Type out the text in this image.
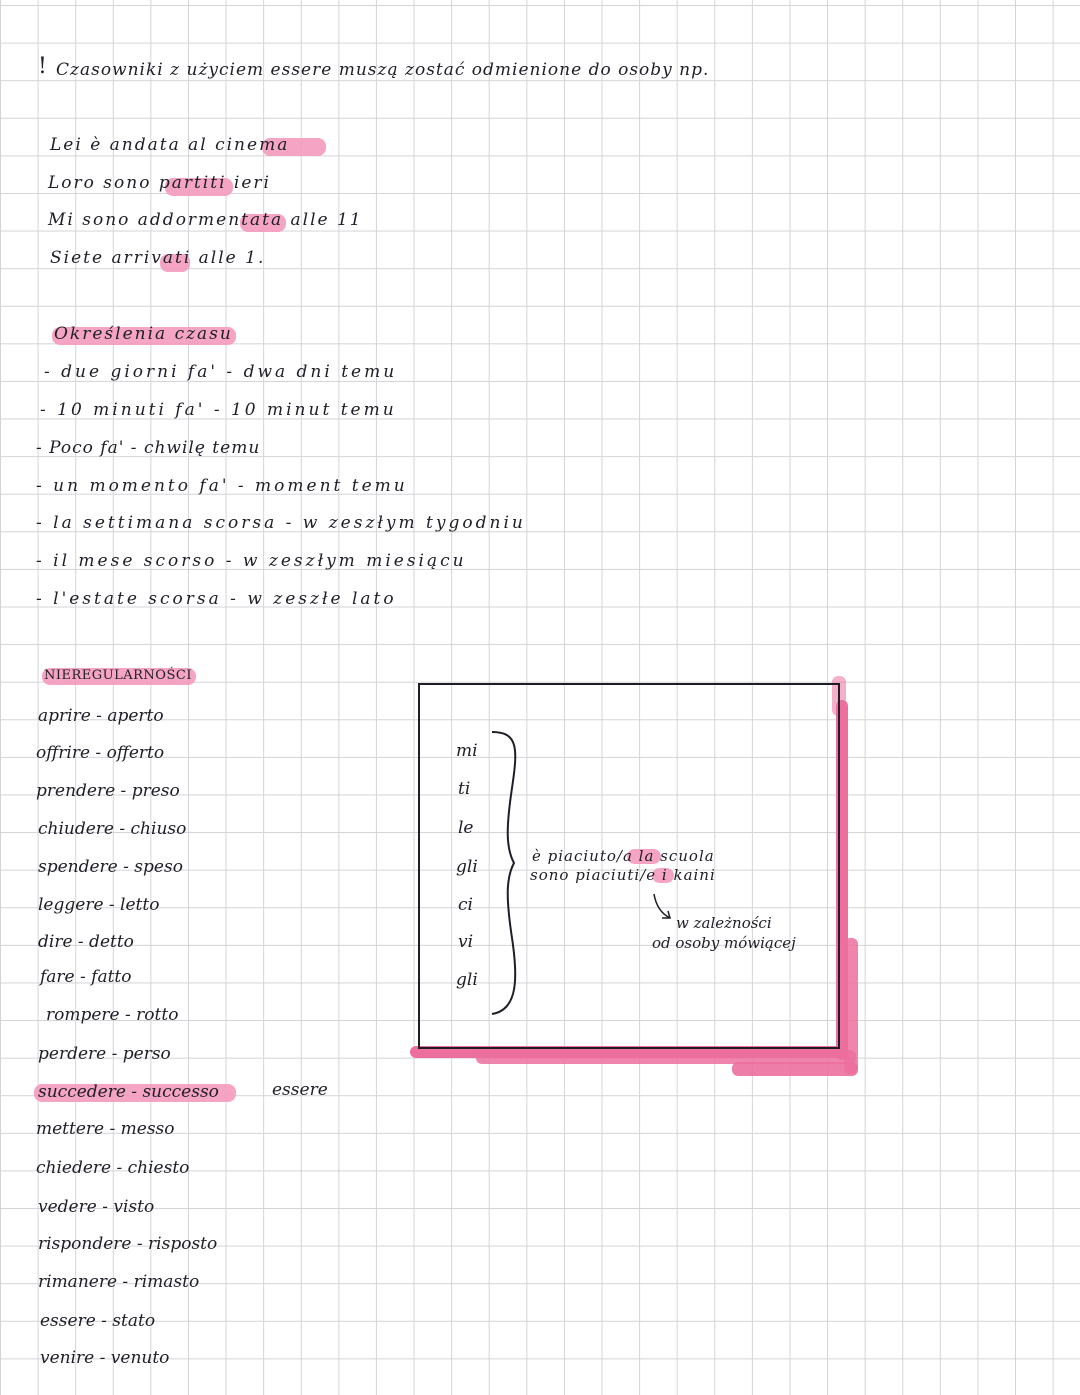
! Czasowniki z użyciem essere muszą zostać odmienione do osoby np.
Lei è andata al cinema
Loro sono partiti ieri
Mi sono addormentata alle 11
Siete arrivati alle 1.
Określenia czasu
- due giorni fa' - dwa dni temu
- 10 minuti fa' - 10 minut temu
- Poco fa' - chwilę temu
- un momento fa' - moment temu
- la settimana scorsa - w zeszłym tygodniu
- il mese scorso - w zeszłym miesiącu
- l'estate scorsa - w zeszłe lato
NIEREGULARNOŚCI
aprire - aperto
offrire - offerto
prendere - preso
chiudere - chiuso
spendere - speso
leggere - letto
dire - detto
fare - fatto
rompere - rotto
perdere - perso
succedere - successo	essere
mettere - messo
chiedere - chiesto
vedere - visto
rispondere - risposto
rimanere - rimasto
essere - stato
venire - venuto
mi
ti
le
gli
ci
vi
gli
è piaciuto/a la scuola
sono piaciuti/e i kaini
w zależności
od osoby mówiącej
